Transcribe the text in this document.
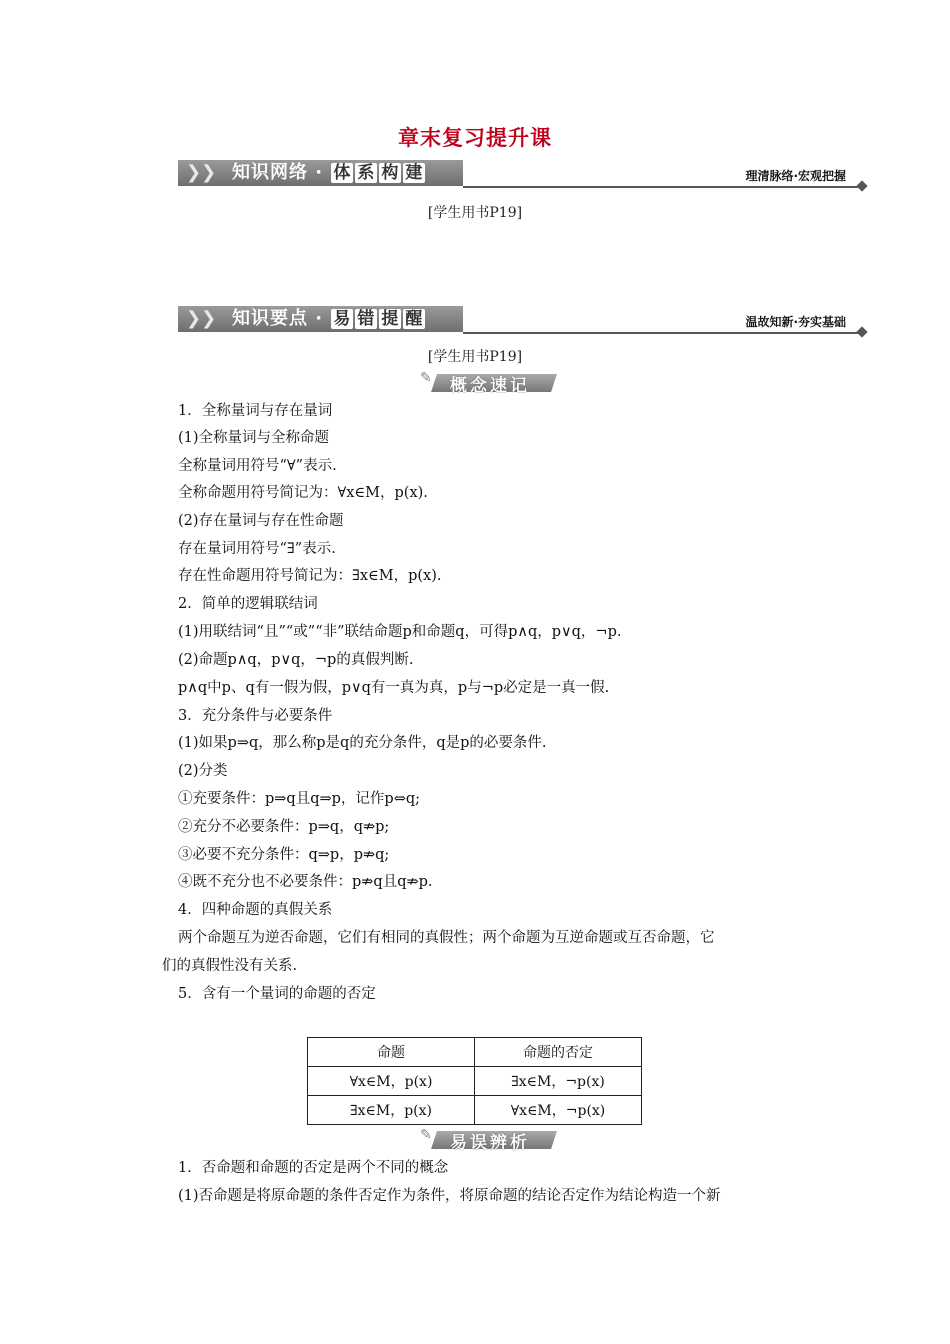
章末复习提升课
❯❯ 知识网络 · 体 系 构 建	理清脉络·宏观把握
[学生用书P19]
❯❯ 知识要点 · 易 错 提 醒	温故知新·夯实基础
[学生用书P19]
✎ 概念速记
1．全称量词与存在量词
(1)全称量词与全称命题
全称量词用符号“∀”表示.
全称命题用符号简记为：∀x∈M，p(x).
(2)存在量词与存在性命题
存在量词用符号“∃”表示.
存在性命题用符号简记为：∃x∈M，p(x).
2．简单的逻辑联结词
(1)用联结词“且”“或”“非”联结命题p和命题q，可得p∧q，p∨q，¬p.
(2)命题p∧q，p∨q，¬p的真假判断.
p∧q中p、q有一假为假，p∨q有一真为真，p与¬p必定是一真一假.
3．充分条件与必要条件
(1)如果p⇒q，那么称p是q的充分条件，q是p的必要条件.
(2)分类
①充要条件：p⇒q且q⇒p，记作p⇔q;
②充分不必要条件：p⇒q，q⇏p;
③必要不充分条件：q⇒p，p⇏q;
④既不充分也不必要条件：p⇏q且q⇏p.
4．四种命题的真假关系
两个命题互为逆否命题，它们有相同的真假性；两个命题为互逆命题或互否命题，它
们的真假性没有关系.
5．含有一个量词的命题的否定
命题	命题的否定
∀x∈M，p(x)	∃x∈M，¬p(x)
∃x∈M，p(x)	∀x∈M，¬p(x)
✎ 易误辨析
1．否命题和命题的否定是两个不同的概念
(1)否命题是将原命题的条件否定作为条件，将原命题的结论否定作为结论构造一个新
